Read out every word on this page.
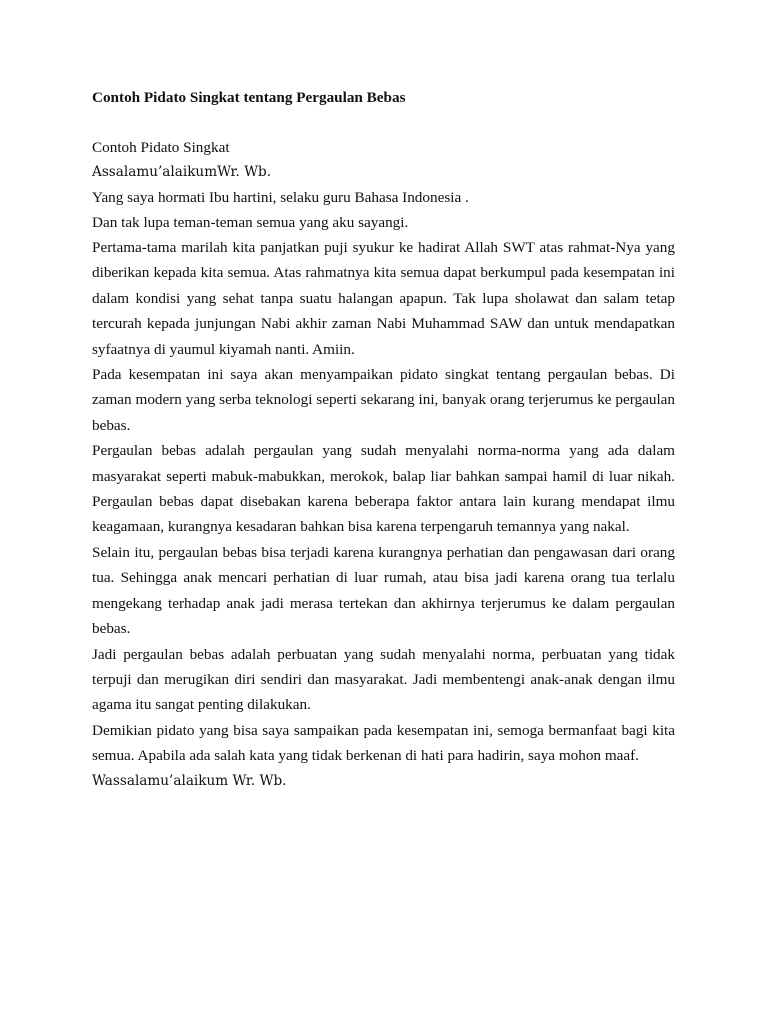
Contoh Pidato Singkat tentang Pergaulan Bebas

Contoh Pidato Singkat

Assalamu’alaikumWr. Wb.

Yang saya hormati Ibu hartini, selaku guru Bahasa Indonesia .

Dan tak lupa teman-teman semua yang aku sayangi.

Pertama-tama marilah kita panjatkan puji syukur ke hadirat Allah SWT atas rahmat-Nya yang diberikan kepada kita semua. Atas rahmatnya kita semua dapat berkumpul pada kesempatan ini dalam kondisi yang sehat tanpa suatu halangan apapun. Tak lupa sholawat dan salam tetap tercurah kepada junjungan Nabi akhir zaman Nabi Muhammad SAW dan untuk mendapatkan syfaatnya di yaumul kiyamah nanti. Amiin.

Pada kesempatan ini saya akan menyampaikan pidato singkat tentang pergaulan bebas. Di zaman modern yang serba teknologi seperti sekarang ini, banyak orang terjerumus ke pergaulan bebas.

Pergaulan bebas adalah pergaulan yang sudah menyalahi norma-norma yang ada dalam masyarakat seperti mabuk-mabukkan, merokok, balap liar bahkan sampai hamil di luar nikah. Pergaulan bebas dapat disebakan karena beberapa faktor antara lain kurang mendapat ilmu keagamaan, kurangnya kesadaran bahkan bisa karena terpengaruh temannya yang nakal.

Selain itu, pergaulan bebas bisa terjadi karena kurangnya perhatian dan pengawasan dari orang tua. Sehingga anak mencari perhatian di luar rumah, atau bisa jadi karena orang tua terlalu mengekang terhadap anak jadi merasa tertekan dan akhirnya terjerumus ke dalam pergaulan bebas.

Jadi pergaulan bebas adalah perbuatan yang sudah menyalahi norma, perbuatan yang tidak terpuji dan merugikan diri sendiri dan masyarakat. Jadi membentengi anak-anak dengan ilmu agama itu sangat penting dilakukan.

Demikian pidato yang bisa saya sampaikan pada kesempatan ini, semoga bermanfaat bagi kita semua. Apabila ada salah kata yang tidak berkenan di hati para hadirin, saya mohon maaf.

Wassalamu’alaikum Wr. Wb.
